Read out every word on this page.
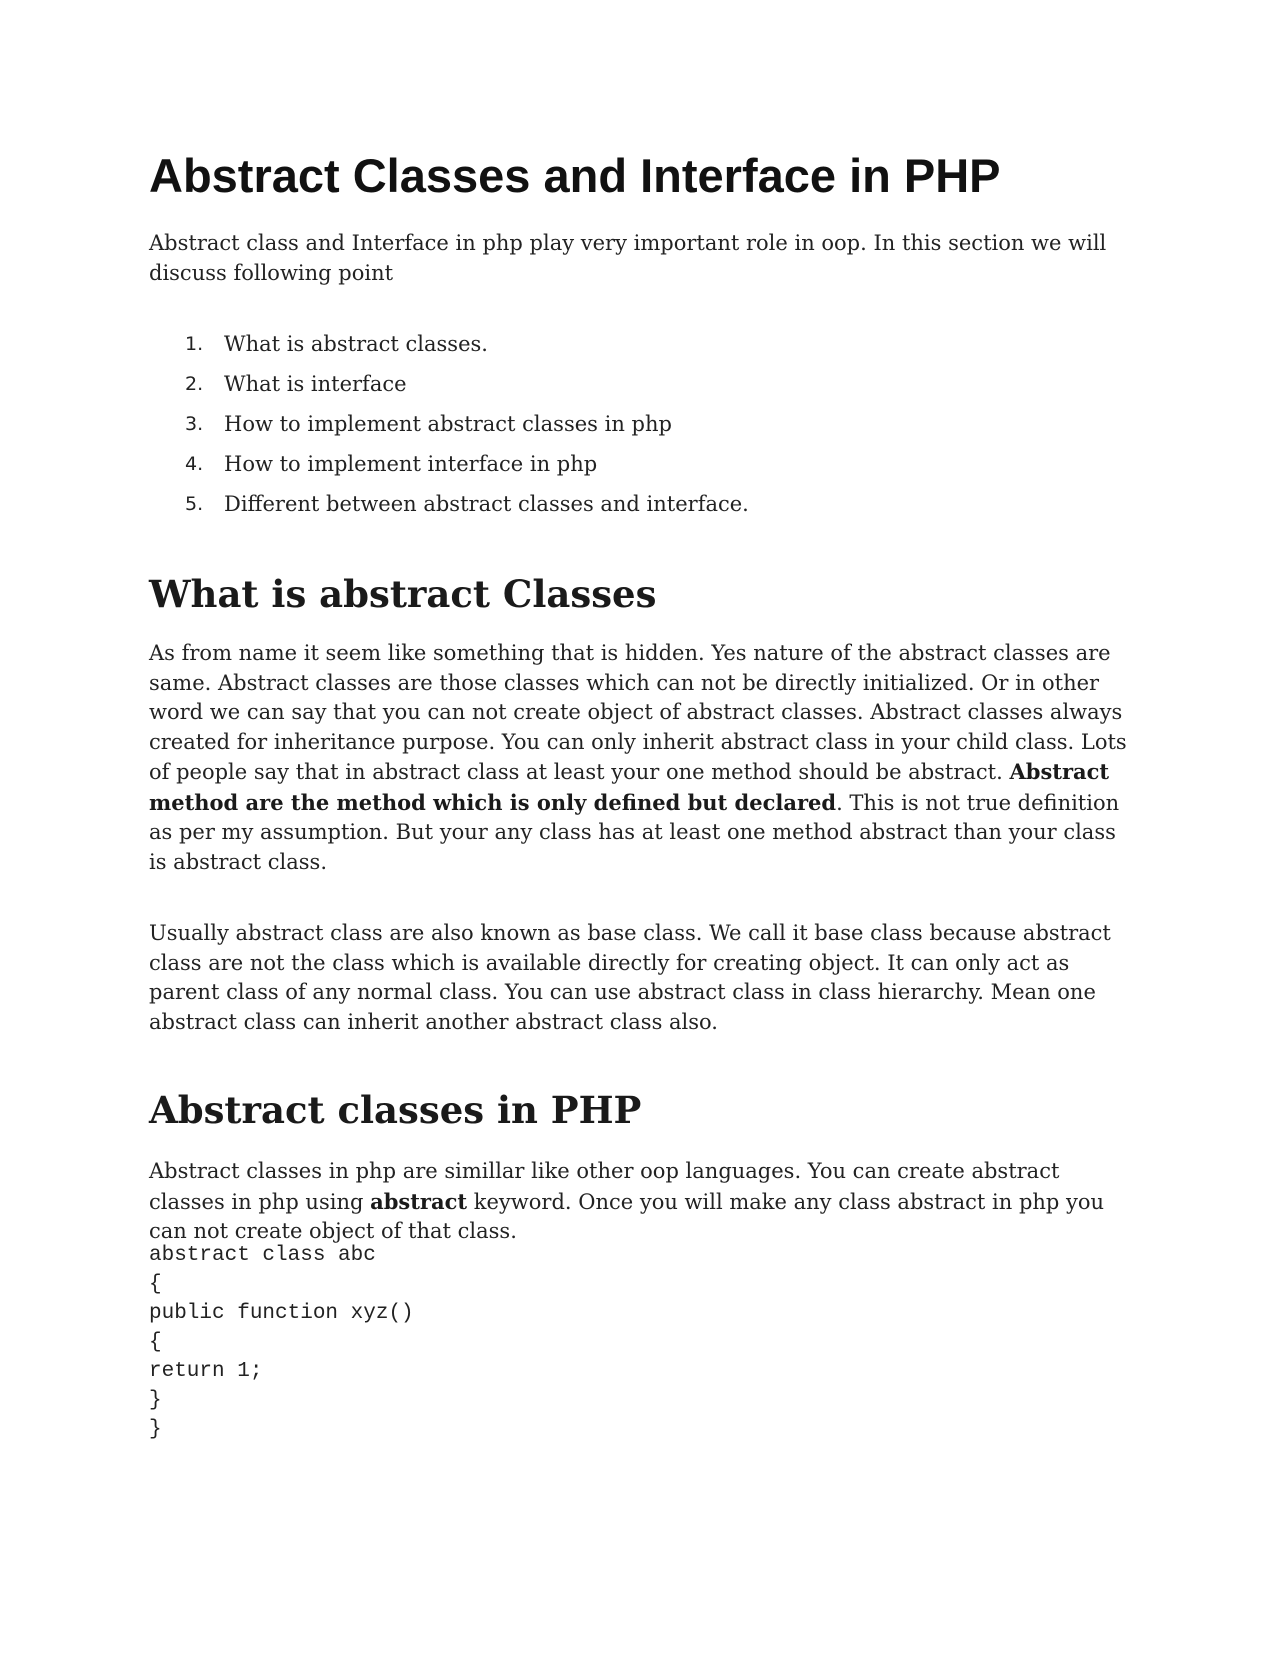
Abstract Classes and Interface in PHP

Abstract class and Interface in php play very important role in oop. In this section we will discuss following point

1. What is abstract classes.
2. What is interface
3. How to implement abstract classes in php
4. How to implement interface in php
5. Different between abstract classes and interface.
What is abstract Classes

As from name it seem like something that is hidden. Yes nature of the abstract classes are same. Abstract classes are those classes which can not be directly initialized. Or in other word we can say that you can not create object of abstract classes. Abstract classes always created for inheritance purpose. You can only inherit abstract class in your child class. Lots of people say that in abstract class at least your one method should be abstract. Abstract method are the method which is only defined but declared. This is not true definition as per my assumption. But your any class has at least one method abstract than your class is abstract class.

Usually abstract class are also known as base class. We call it base class because abstract class are not the class which is available directly for creating object. It can only act as parent class of any normal class. You can use abstract class in class hierarchy. Mean one abstract class can inherit another abstract class also.

Abstract classes in PHP

Abstract classes in php are simillar like other oop languages. You can create abstract classes in php using abstract keyword. Once you will make any class abstract in php you can not create object of that class.

abstract class abc
{
public function xyz()
{
return 1;
}
}
